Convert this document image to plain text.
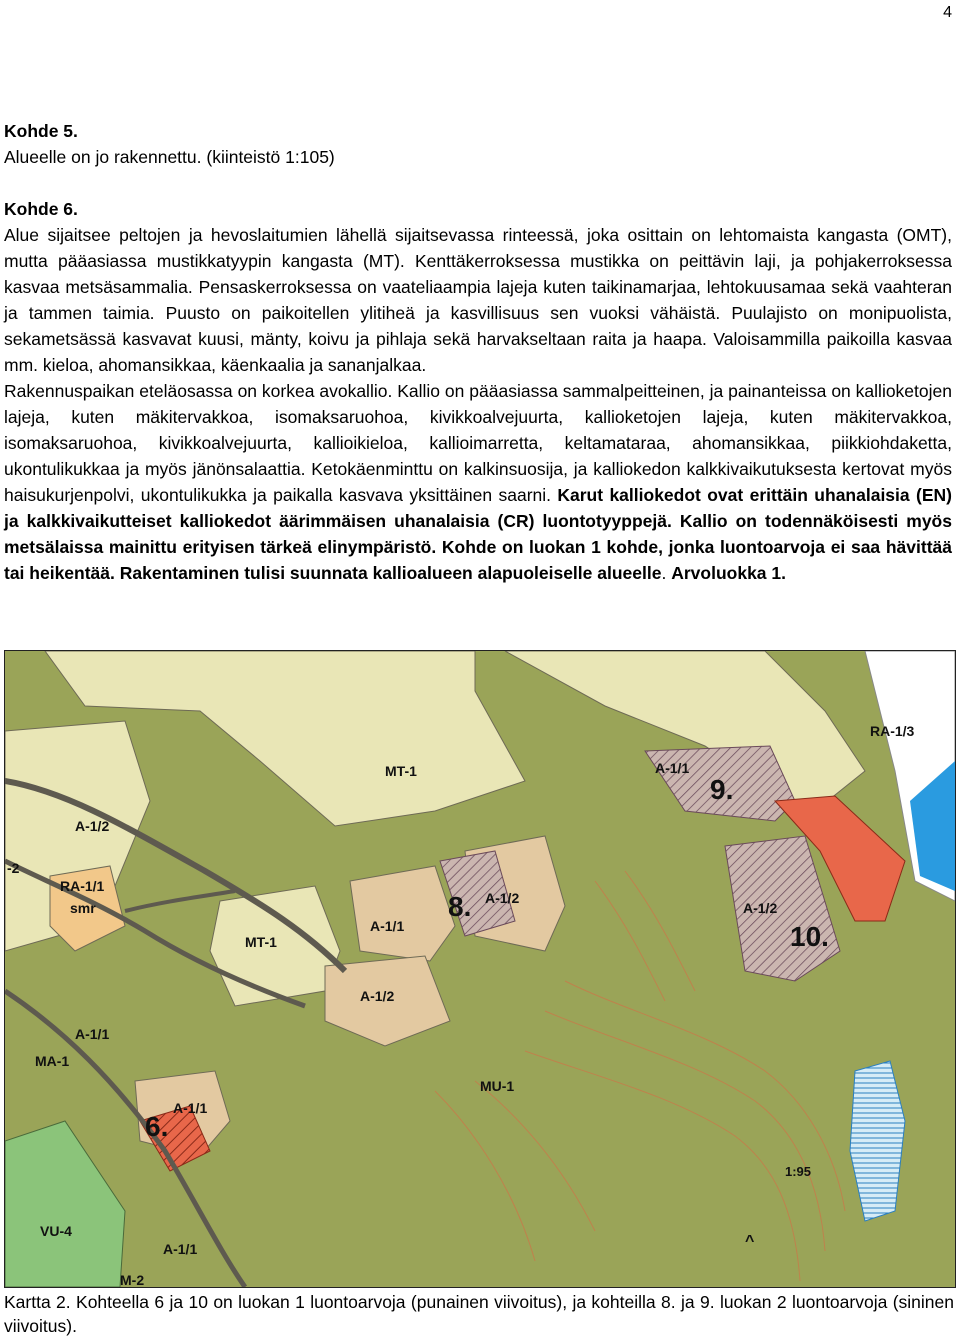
4

Kohde 5.

Alueelle on jo rakennettu. (kiinteistö 1:105)

Kohde 6.

Alue sijaitsee peltojen ja hevoslaitumien lähellä sijaitsevassa rinteessä, joka osittain on lehtomaista kangasta (OMT), mutta pääasiassa mustikkatyypin kangasta (MT). Kenttäkerroksessa mustikka on peittävin laji, ja pohjakerroksessa kasvaa metsäsammalia. Pensaskerroksessa on vaateliaampia lajeja kuten taikinamarjaa, lehtokuusamaa sekä vaahteran ja tammen taimia. Puusto on paikoitellen ylitiheä ja kasvillisuus sen vuoksi vähäistä. Puulajisto on monipuolista, sekametsässä kasvavat kuusi, mänty, koivu ja pihlaja sekä harvakseltaan raita ja haapa. Valoisammilla paikoilla kasvaa mm. kieloa, ahomansikkaa, käenkaalia ja sananjalkaa.

Rakennuspaikan eteläosassa on korkea avokallio. Kallio on pääasiassa sammalpeitteinen, ja painanteissa on kallioketojen lajeja, kuten mäkitervakkoa, isomaksaruohoa, kivikkoalvejuurta, kallioketojen lajeja, kuten mäkitervakkoa, isomaksaruohoa, kivikkoalvejuurta, kallioikieloa, kallioimarretta, keltamataraa, ahomansikkaa, piikkiohdaketta, ukontulikukkaa ja myös jänönsalaattia. Ketokäenminttu on kalkinsuosija, ja kalliokedon kalkkivaikutuksesta kertovat myös haisukurjenpolvi, ukontulikukka ja paikalla kasvava yksittäinen saarni. Karut kalliokedot ovat erittäin uhanalaisia (EN) ja kalkkivaikutteiset kalliokedot äärimmäisen uhanalaisia (CR) luontotyyppejä. Kallio on todennäköisesti myös metsälaissa mainittu erityisen tärkeä elinympäristö. Kohde on luokan 1 kohde, jonka luontoarvoja ei saa hävittää tai heikentää. Rakentaminen tulisi suunnata kallioalueen alapuoleiselle alueelle. Arvoluokka 1.

MT-1
MT-1
MU-1
MA-1
VU-4
M-2
RA-1/3
RA-1/1
smr
A-1/2
A-1/2
A-1/2
A-1/2
A-1/1
A-1/1
A-1/1
A-1/1
A-1/1
-2
6.
8.
9.
10.
1:95
^

Kartta 2. Kohteella 6 ja 10 on luokan 1 luontoarvoja (punainen viivoitus), ja kohteilla 8. ja 9. luokan 2 luontoarvoja (sininen viivoitus).
